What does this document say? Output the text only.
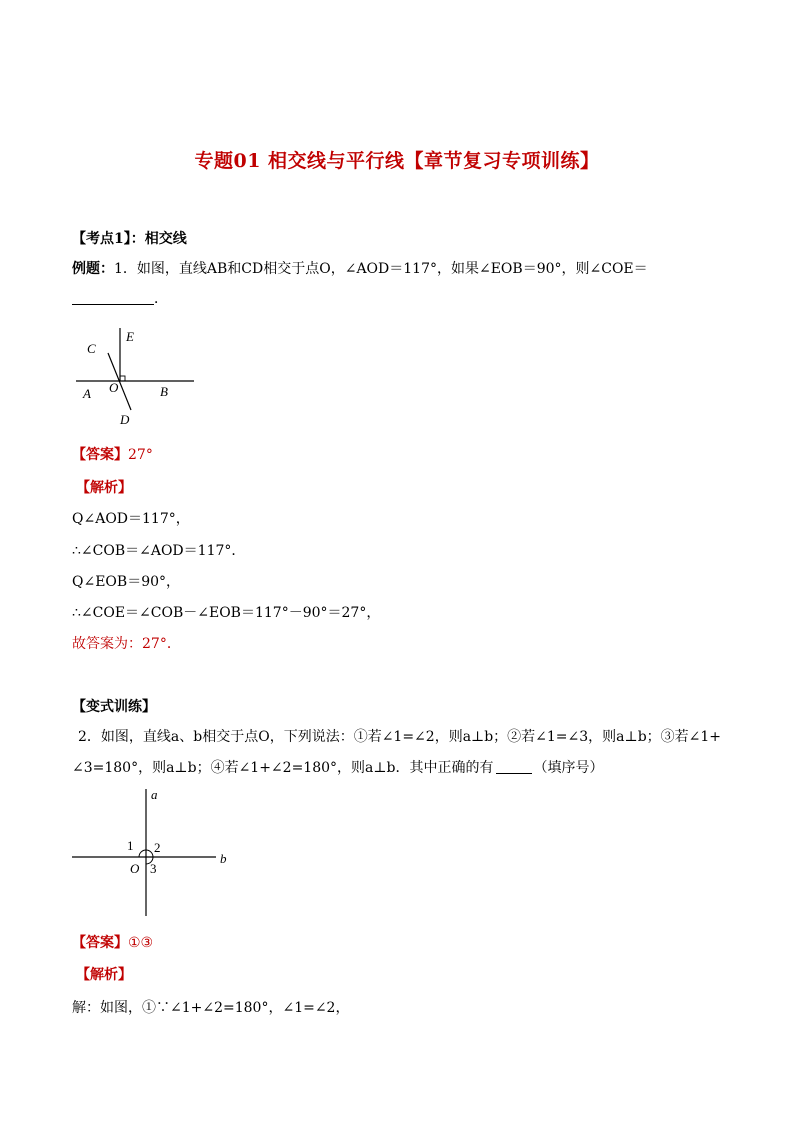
专题01 相交线与平行线【章节复习专项训练】
【考点1】：相交线
例题：1．如图，直线AB和CD相交于点O，∠AOD＝117°，如果∠EOB＝90°，则∠COE＝
．
C
E
A O	B
D
【答案】27°
【解析】
Q∠AOD＝117°，
∴∠COB＝∠AOD＝117°．
Q∠EOB＝90°，
∴∠COE＝∠COB－∠EOB＝117°－90°＝27°，
故答案为：27°．
【变式训练】
2．如图，直线a、b相交于点O，下列说法：①若∠1=∠2，则a⊥b；②若∠1=∠3，则a⊥b；③若∠1+
∠3=180°，则a⊥b；④若∠1+∠2=180°，则a⊥b．其中正确的有	（填序号）
a
b
1 2
O 3
【答案】①③
【解析】
解：如图，①∵∠1+∠2=180°，∠1=∠2，
